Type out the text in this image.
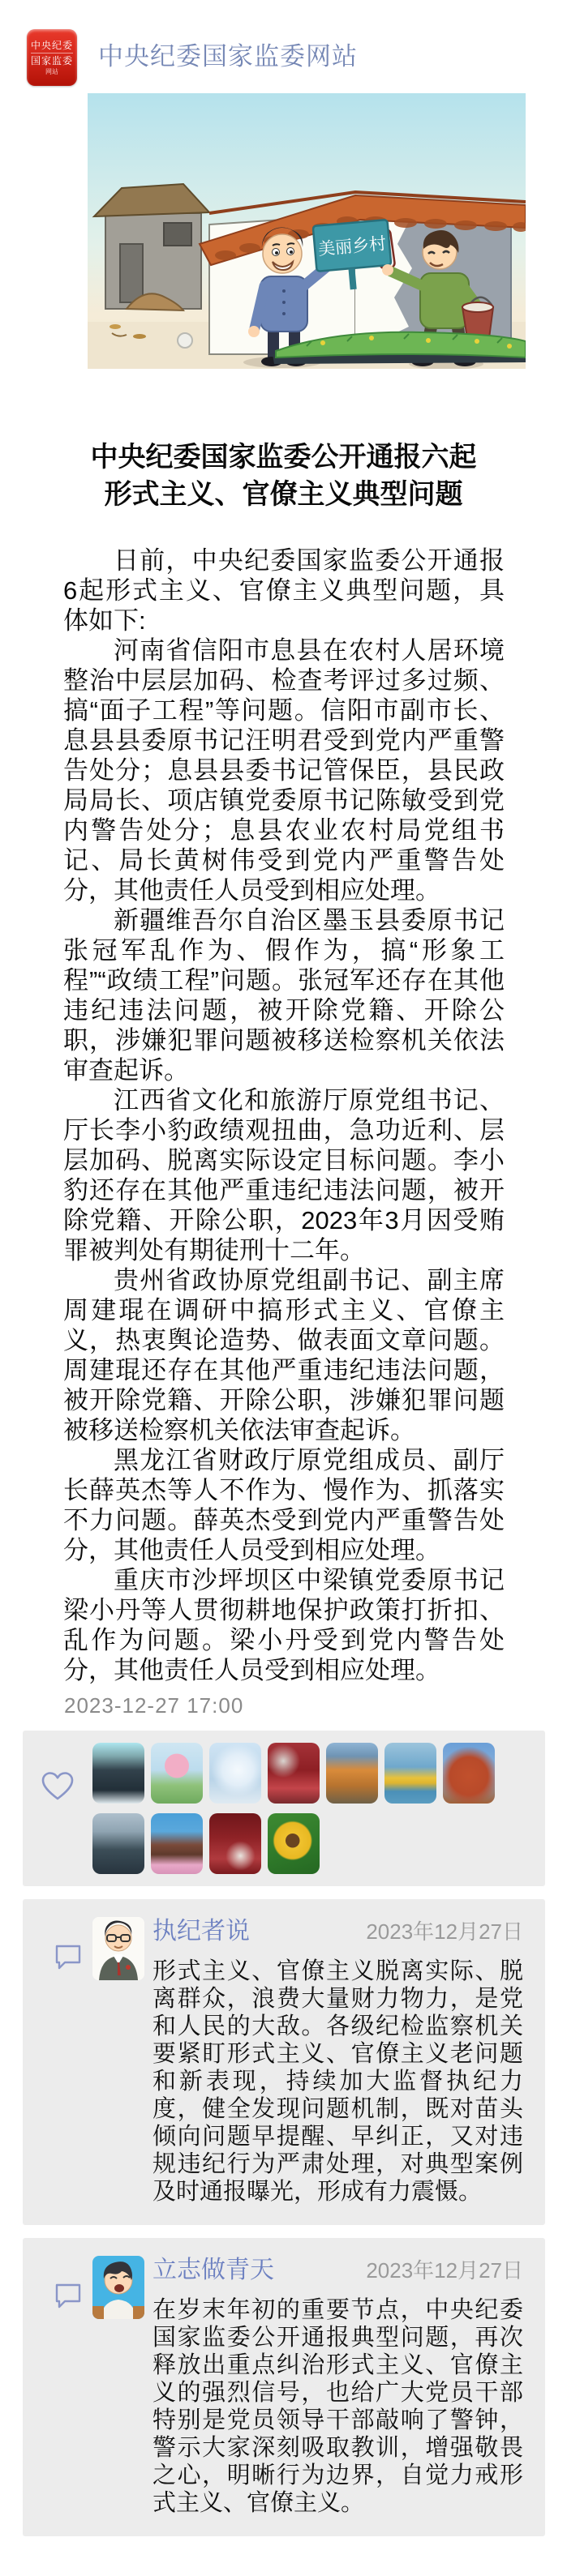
中央纪委
国家监委
网站
中央纪委国家监委网站
美丽乡村
中央纪委国家监委公开通报六起
形式主义、官僚主义典型问题

日前，中央纪委国家监委公开通报6起形式主义、官僚主义典型问题，具体如下:

河南省信阳市息县在农村人居环境整治中层层加码、检查考评过多过频、搞“面子工程”等问题。信阳市副市长、息县县委原书记汪明君受到党内严重警告处分；息县县委书记管保臣，县民政局局长、项店镇党委原书记陈敏受到党内警告处分；息县农业农村局党组书记、局长黄树伟受到党内严重警告处分，其他责任人员受到相应处理。

新疆维吾尔自治区墨玉县委原书记张冠军乱作为、假作为，搞“形象工程”“政绩工程”问题。张冠军还存在其他违纪违法问题，被开除党籍、开除公职，涉嫌犯罪问题被移送检察机关依法审查起诉。

江西省文化和旅游厅原党组书记、厅长李小豹政绩观扭曲，急功近利、层层加码、脱离实际设定目标问题。李小豹还存在其他严重违纪违法问题，被开除党籍、开除公职，2023年3月因受贿罪被判处有期徒刑十二年。

贵州省政协原党组副书记、副主席周建琨在调研中搞形式主义、官僚主义，热衷舆论造势、做表面文章问题。周建琨还存在其他严重违纪违法问题，被开除党籍、开除公职，涉嫌犯罪问题被移送检察机关依法审查起诉。

黑龙江省财政厅原党组成员、副厅长薛英杰等人不作为、慢作为、抓落实不力问题。薛英杰受到党内严重警告处分，其他责任人员受到相应处理。

重庆市沙坪坝区中梁镇党委原书记梁小丹等人贯彻耕地保护政策打折扣、乱作为问题。梁小丹受到党内警告处分，其他责任人员受到相应处理。

2023-12-27 17:00
执纪者说	2023年12月27日
形式主义、官僚主义脱离实际、脱离群众，浪费大量财力物力，是党和人民的大敌。各级纪检监察机关要紧盯形式主义、官僚主义老问题和新表现，持续加大监督执纪力度，健全发现问题机制，既对苗头倾向问题早提醒、早纠正，又对违规违纪行为严肃处理，对典型案例及时通报曝光，形成有力震慑。
立志做青天	2023年12月27日
在岁末年初的重要节点，中央纪委国家监委公开通报典型问题，再次释放出重点纠治形式主义、官僚主义的强烈信号，也给广大党员干部特别是党员领导干部敲响了警钟，警示大家深刻吸取教训，增强敬畏之心，明晰行为边界，自觉力戒形式主义、官僚主义。
